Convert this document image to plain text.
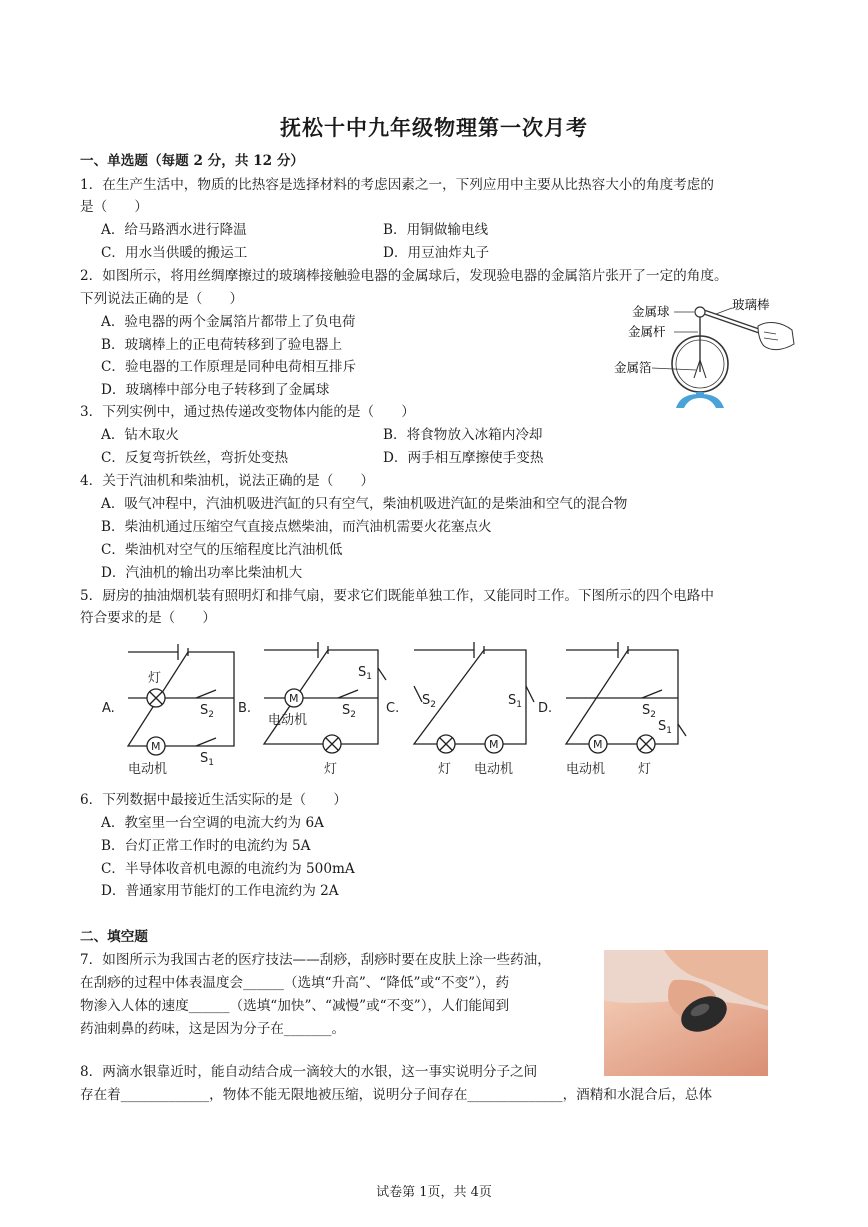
抚松十中九年级物理第一次月考
一、单选题（每题 2 分，共 12 分）
1．在生产生活中，物质的比热容是选择材料的考虑因素之一，下列应用中主要从比热容大小的角度考虑的
是（　　）
A．给马路洒水进行降温	B．用铜做输电线
C．用水当供暖的搬运工	D．用豆油炸丸子
2．如图所示，将用丝绸摩擦过的玻璃棒接触验电器的金属球后，发现验电器的金属箔片张开了一定的角度。
下列说法正确的是（　　）
A．验电器的两个金属箔片都带上了负电荷
B．玻璃棒上的正电荷转移到了验电器上
C．验电器的工作原理是同种电荷相互排斥
D．玻璃棒中部分电子转移到了金属球
金属球	玻璃棒
金属杆
金属箔
3．下列实例中，通过热传递改变物体内能的是（　　）
A．钻木取火	B．将食物放入冰箱内冷却
C．反复弯折铁丝，弯折处变热	D．两手相互摩擦使手变热
4．关于汽油机和柴油机，说法正确的是（　　）
A．吸气冲程中，汽油机吸进汽缸的只有空气，柴油机吸进汽缸的是柴油和空气的混合物
B．柴油机通过压缩空气直接点燃柴油，而汽油机需要火花塞点火
C．柴油机对空气的压缩程度比汽油机低
D．汽油机的输出功率比柴油机大
5．厨房的抽油烟机装有照明灯和排气扇，要求它们既能单独工作，又能同时工作。下图所示的四个电路中
符合要求的是（　　）
A.	B.	C.	D.
灯
M
电动机
$S_2$
$S_1$
M
电动机
$S_2$
$S_1$
灯
$S_2$	$S_1$
灯
M
电动机
$S_2$
$S_1$
M
电动机	灯
6．下列数据中最接近生活实际的是（　　）
A．教室里一台空调的电流大约为 6A
B．台灯正常工作时的电流约为 5A
C．半导体收音机电源的电流约为 500mA
D．普通家用节能灯的工作电流约为 2A
二、填空题
7．如图所示为我国古老的医疗技法——刮痧，刮痧时要在皮肤上涂一些药油，
在刮痧的过程中体表温度会______（选填“升高”、“降低”或“不变”），药
物渗入人体的速度______（选填“加快”、“减慢”或“不变”），人们能闻到
药油刺鼻的药味，这是因为分子在_______。
8．两滴水银靠近时，能自动结合成一滴较大的水银，这一事实说明分子之间
存在着_____________，物体不能无限地被压缩，说明分子间存在______________，酒精和水混合后，总体
试卷第 1页，共 4页
